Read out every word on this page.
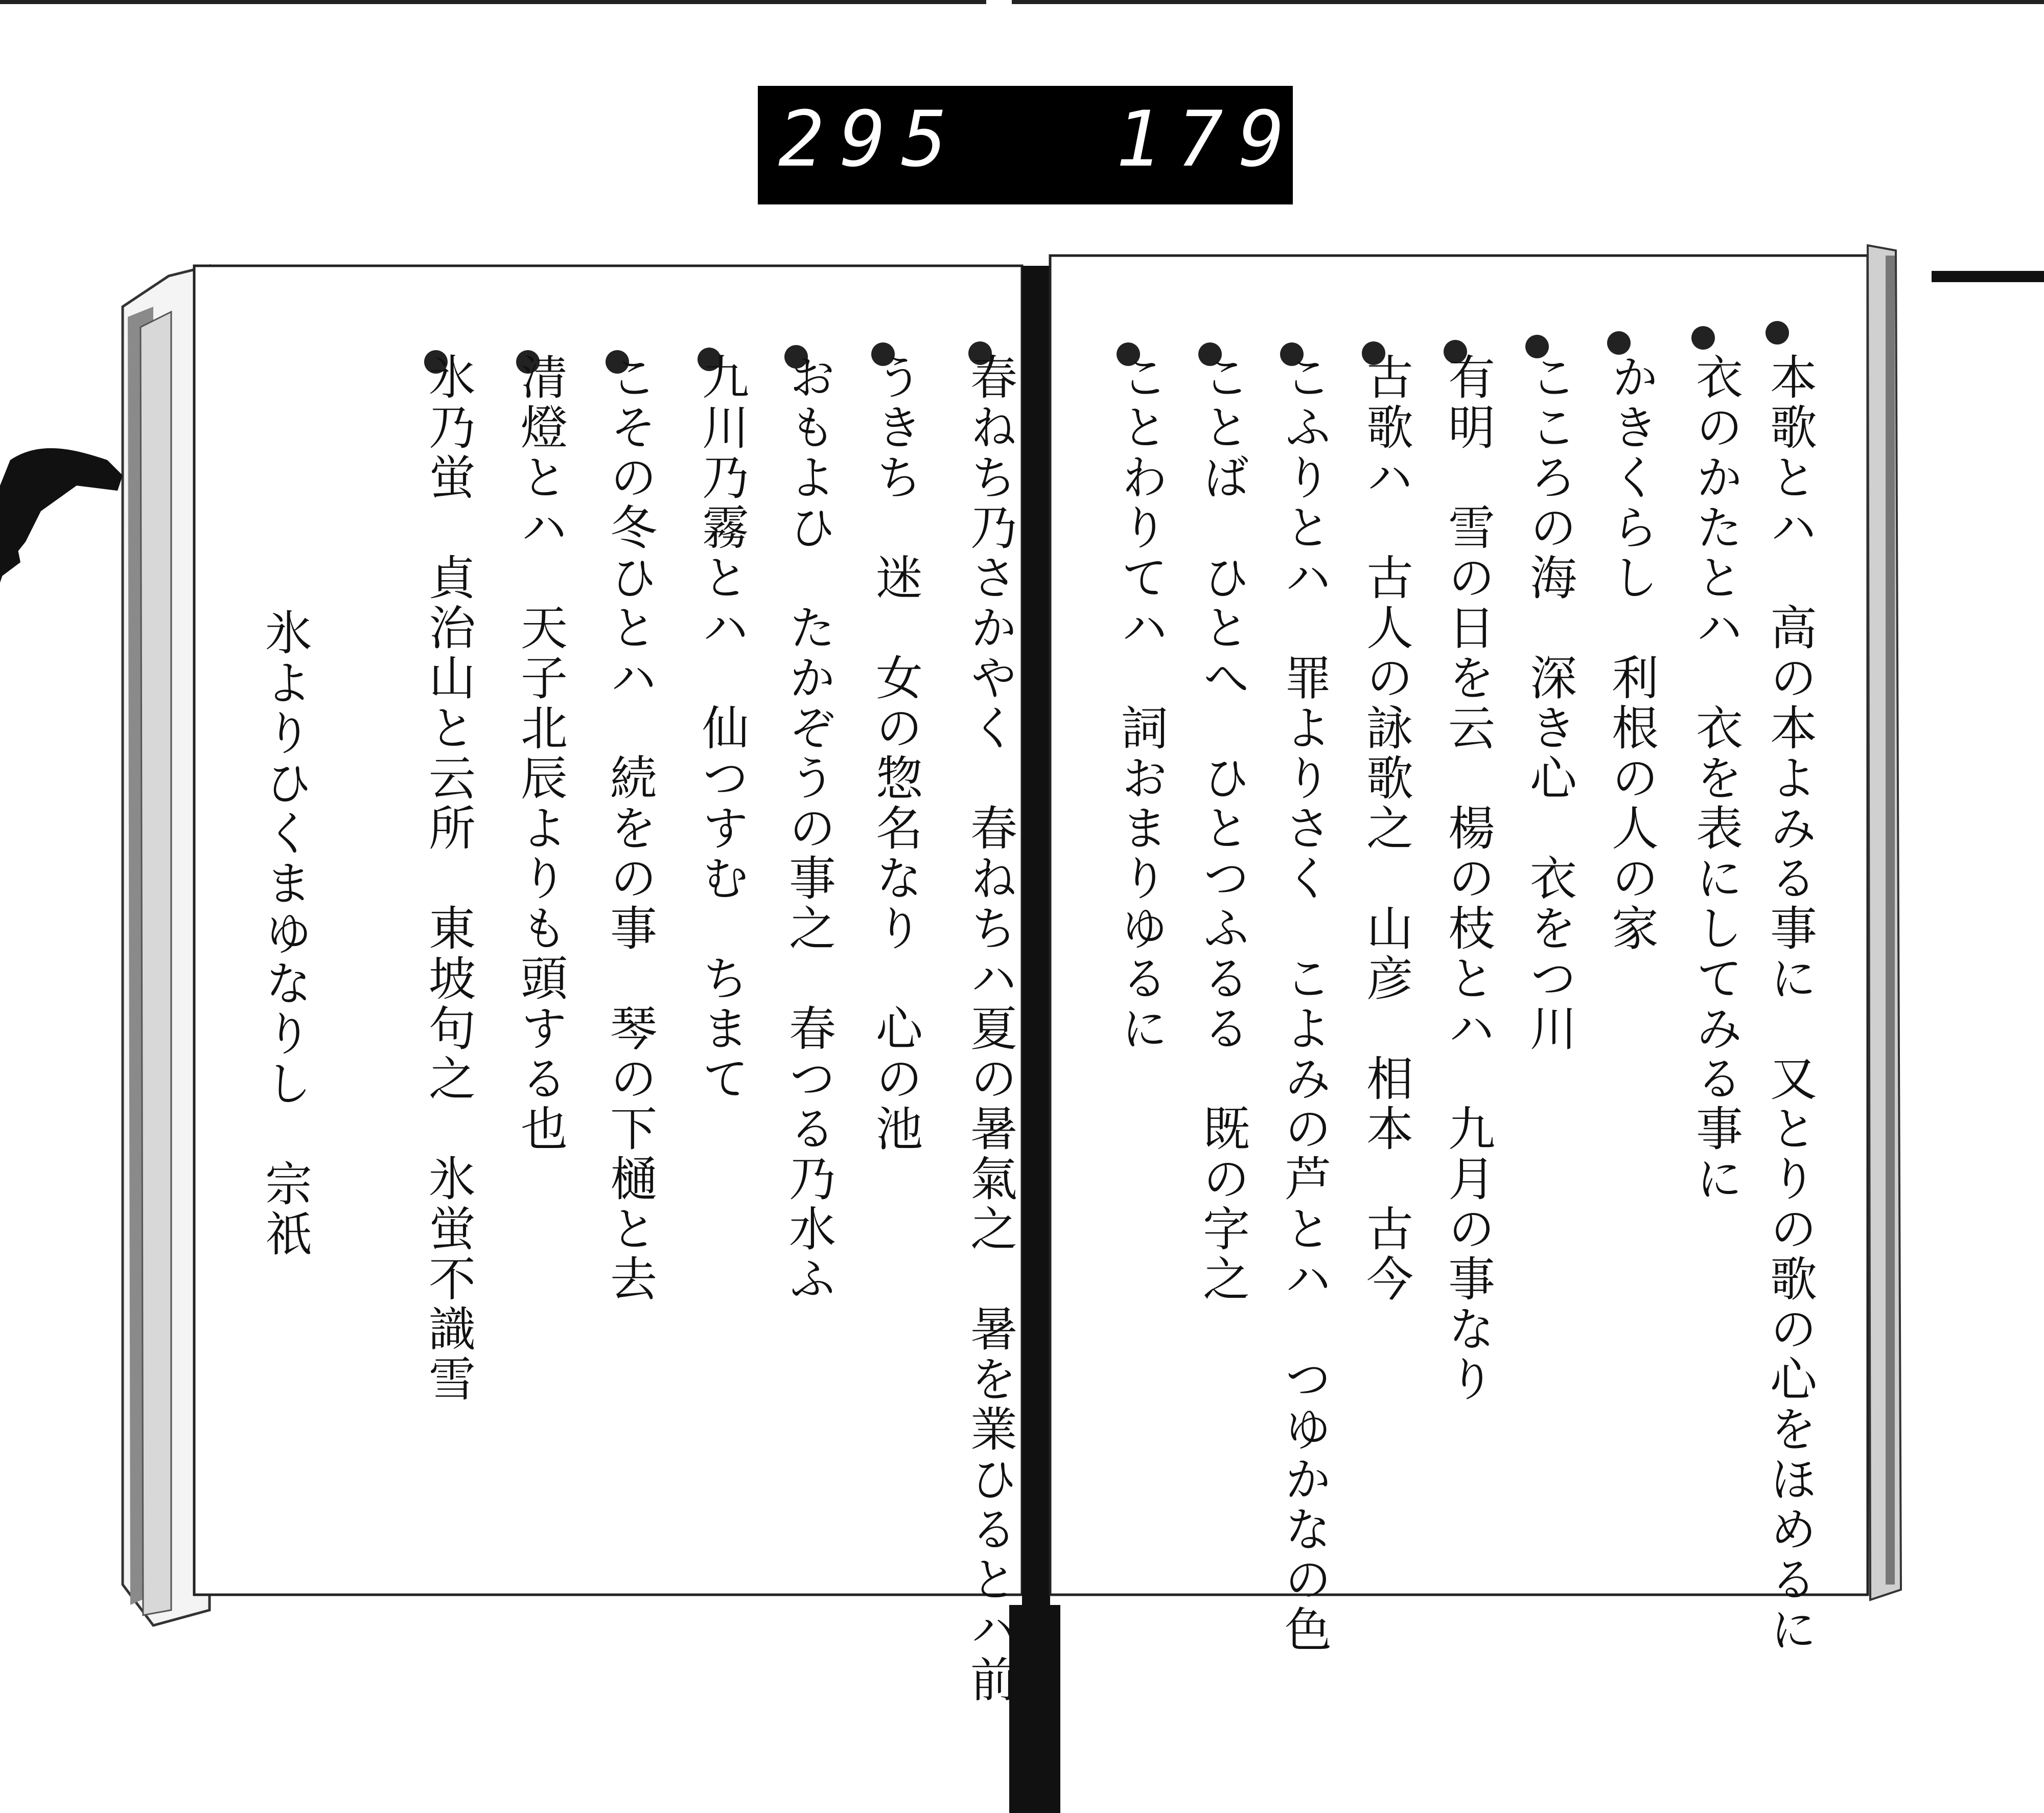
295 179
本歌とハ　高の本よみる事に　又とりの歌の心をほめるに
衣のかたとハ　衣を表にしてみる事に
かきくらし　利根の人の家
こころの海　深き心　衣をつ川
有明　雪の日を云　楊の枝とハ　九月の事なり
古歌ハ　古人の詠歌之　山彦　相本　古今
こふりとハ　罪よりさく　こよみの芦とハ　つゆかなの色
ことば　ひとへ　ひとつふるる　既の字之
ことわりてハ　詞おまりゆるに
春ねち乃さかやく　春ねちハ夏の暑氣之　暑を業ひるとハ前
うきち　迷　女の惣名なり　心の池
おもよひ　たかぞうの事之　春つる乃水ふ
九川乃霧とハ　仙つすむ　ちまて
こその冬ひとハ　続をの事　琴の下樋と去
清燈とハ　天子北辰よりも頭する也
氷乃蛍　貞治山と云所　東坡句之　氷蛍不識雪
氷よりひくまゆなりし　宗祇
